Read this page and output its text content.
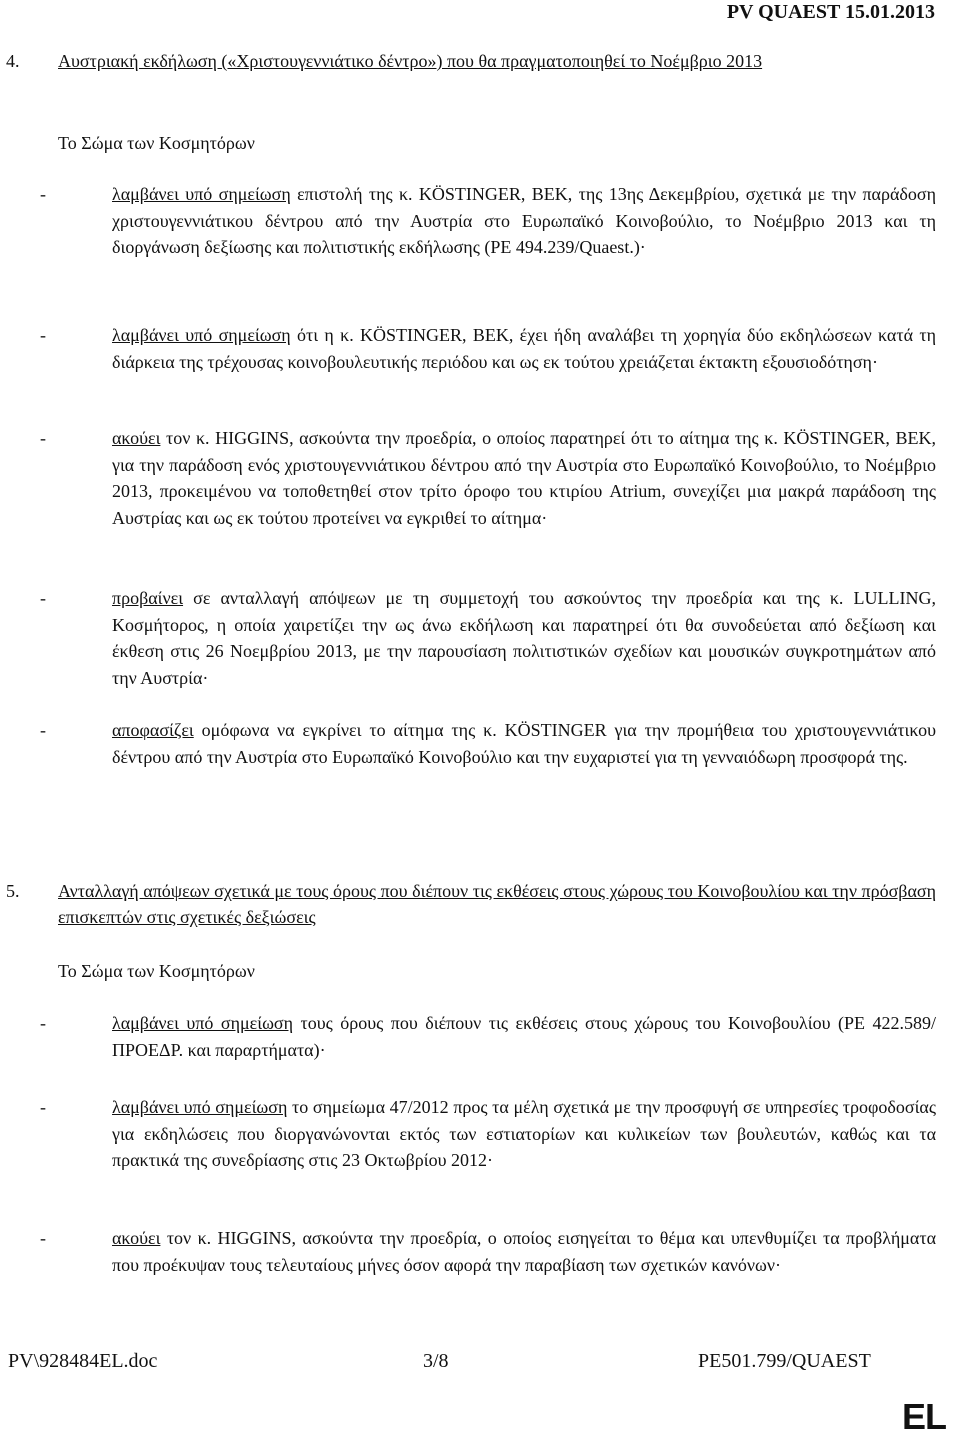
PV QUAEST 15.01.2013
4. Αυστριακή εκδήλωση («Χριστουγεννιάτικο δέντρο») που θα πραγματοποιηθεί το Νοέμβριο 2013
Το Σώμα των Κοσμητόρων
-	λαμβάνει υπό σημείωση επιστολή της κ. KÖSTINGER, ΒΕΚ, της 13ης Δεκεμβρίου, σχετικά με την παράδοση χριστουγεννιάτικου δέντρου από την Αυστρία στο Ευρωπαϊκό Κοινοβούλιο, το Νοέμβριο 2013 και τη διοργάνωση δεξίωσης και πολιτιστικής εκδήλωσης (PE 494.239/Quaest.)·
-	λαμβάνει υπό σημείωση ότι η κ. KÖSTINGER, ΒΕΚ, έχει ήδη αναλάβει τη χορηγία δύο εκδηλώσεων κατά τη διάρκεια της τρέχουσας κοινοβουλευτικής περιόδου και ως εκ τούτου χρειάζεται έκτακτη εξουσιοδότηση·
-	ακούει τον κ. HIGGINS, ασκούντα την προεδρία, ο οποίος παρατηρεί ότι το αίτημα της κ. KÖSTINGER, ΒΕΚ, για την παράδοση ενός χριστουγεννιάτικου δέντρου από την Αυστρία στο Ευρωπαϊκό Κοινοβούλιο, το Νοέμβριο 2013, προκειμένου να τοποθετηθεί στον τρίτο όροφο του κτιρίου Atrium, συνεχίζει μια μακρά παράδοση της Αυστρίας και ως εκ τούτου προτείνει να εγκριθεί το αίτημα·
-	προβαίνει σε ανταλλαγή απόψεων με τη συμμετοχή του ασκούντος την προεδρία και της κ. LULLING, Κοσμήτορος, η οποία χαιρετίζει την ως άνω εκδήλωση και παρατηρεί ότι θα συνοδεύεται από δεξίωση και έκθεση στις 26 Νοεμβρίου 2013, με την παρουσίαση πολιτιστικών σχεδίων και μουσικών συγκροτημάτων από την Αυστρία·
-	αποφασίζει ομόφωνα να εγκρίνει το αίτημα της κ. KÖSTINGER για την προμήθεια του χριστουγεννιάτικου δέντρου από την Αυστρία στο Ευρωπαϊκό Κοινοβούλιο και την ευχαριστεί για τη γενναιόδωρη προσφορά της.
5. Ανταλλαγή απόψεων σχετικά με τους όρους που διέπουν τις εκθέσεις στους χώρους του Κοινοβουλίου και την πρόσβαση επισκεπτών στις σχετικές δεξιώσεις
Το Σώμα των Κοσμητόρων
-	λαμβάνει υπό σημείωση τους όρους που διέπουν τις εκθέσεις στους χώρους του Κοινοβουλίου (PE 422.589/ΠΡΟΕΔΡ. και παραρτήματα)·
-	λαμβάνει υπό σημείωση το σημείωμα 47/2012 προς τα μέλη σχετικά με την προσφυγή σε υπηρεσίες τροφοδοσίας για εκδηλώσεις που διοργανώνονται εκτός των εστιατορίων και κυλικείων των βουλευτών, καθώς και τα πρακτικά της συνεδρίασης στις 23 Οκτωβρίου 2012·
-	ακούει τον κ. HIGGINS, ασκούντα την προεδρία, ο οποίος εισηγείται το θέμα και υπενθυμίζει τα προβλήματα που προέκυψαν τους τελευταίους μήνες όσον αφορά την παραβίαση των σχετικών κανόνων·
PV\928484EL.doc	3/8	PE501.799/QUAEST
EL
